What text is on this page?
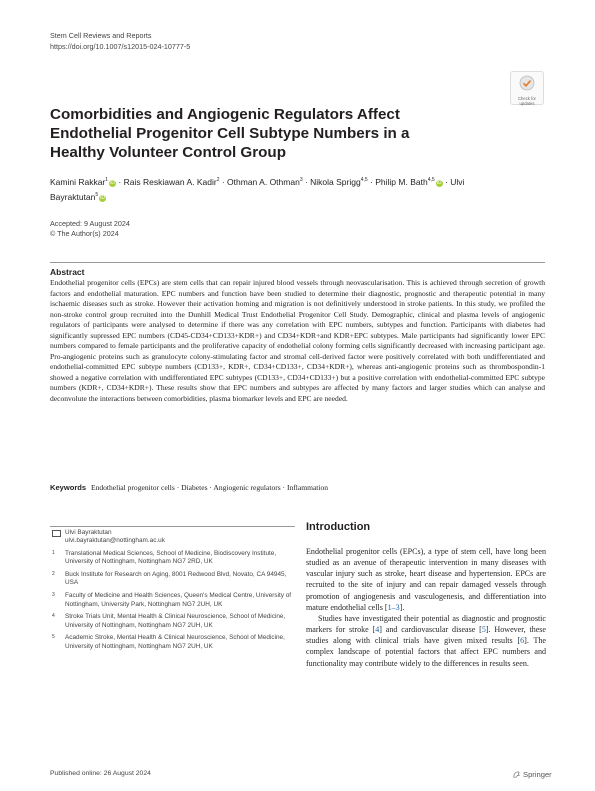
Stem Cell Reviews and Reports
https://doi.org/10.1007/s12015-024-10777-5
Check for updates
Comorbidities and Angiogenic Regulators Affect Endothelial Progenitor Cell Subtype Numbers in a Healthy Volunteer Control Group
Kamini Rakkar$^1$ iD · Rais Reskiawan A. Kadir$^2$ · Othman A. Othman$^3$ · Nikola Sprigg$^{4,5}$ · Philip M. Bath$^{4,5}$ iD · Ulvi Bayraktutan$^5$ iD
Accepted: 9 August 2024
© The Author(s) 2024
Abstract
Endothelial progenitor cells (EPCs) are stem cells that can repair injured blood vessels through neovascularisation. This is achieved through secretion of growth factors and endothelial maturation. EPC numbers and function have been studied to determine their diagnostic, prognostic and therapeutic potential in many ischaemic diseases such as stroke. However their activation homing and migration is not definitively understood in stroke patients. In this study, we profiled the non-stroke control group recruited into the Dunhill Medical Trust Endothelial Progenitor Cell Study. Demographic, clinical and plasma levels of angiogenic regulators of participants were analysed to determine if there was any correlation with EPC numbers, subtypes and function. Participants with diabetes had significantly supressed EPC numbers (CD45-CD34+CD133+KDR+) and CD34+KDR+and KDR+EPC subtypes. Male participants had significantly lower EPC numbers compared to female participants and the proliferative capacity of endothelial colony forming cells significantly decreased with increasing participant age. Pro-angiogenic proteins such as granulocyte colony-stimulating factor and stromal cell-derived factor were positively correlated with both undifferentiated and endothelial-committed EPC subtype numbers (CD133+, KDR+, CD34+CD133+, CD34+KDR+), whereas anti-angiogenic proteins such as thrombospondin-1 showed a negative correlation with undifferentiated EPC subtypes (CD133+, CD34+CD133+) but a positive correlation with endothelial-committed EPC subtype numbers (KDR+, CD34+KDR+). These results show that EPC numbers and subtypes are affected by many factors and larger studies which can analyse and deconvolute the interactions between comorbidities, plasma biomarker levels and EPC are needed.
Keywords Endothelial progenitor cells · Diabetes · Angiogenic regulators · Inflammation
Ulvi Bayraktutan
ulvi.bayraktutan@nottingham.ac.uk
1 Translational Medical Sciences, School of Medicine, Biodiscovery Institute, University of Nottingham, Nottingham NG7 2RD, UK
2 Buck Institute for Research on Aging, 8001 Redwood Blvd, Novato, CA 94945, USA
3 Faculty of Medicine and Health Sciences, Queen's Medical Centre, University of Nottingham, University Park, Nottingham NG7 2UH, UK
4 Stroke Trials Unit, Mental Health & Clinical Neuroscience, School of Medicine, University of Nottingham, Nottingham NG7 2UH, UK
5 Academic Stroke, Mental Health & Clinical Neuroscience, School of Medicine, University of Nottingham, Nottingham NG7 2UH, UK
Introduction

Endothelial progenitor cells (EPCs), a type of stem cell, have long been studied as an avenue of therapeutic intervention in many diseases with vascular injury such as stroke, heart disease and hypertension. EPCs are recruited to the site of injury and can repair damaged vessels through promotion of angiogenesis and vasculogenesis, and differentiation into mature endothelial cells [1–3].

Studies have investigated their potential as diagnostic and prognostic markers for stroke [4] and cardiovascular disease [5]. However, these studies along with clinical trials have given mixed results [6]. The complex landscape of potential factors that affect EPC numbers and functionality may contribute widely to the differences in results seen.

Published online: 26 August 2024	Springer
